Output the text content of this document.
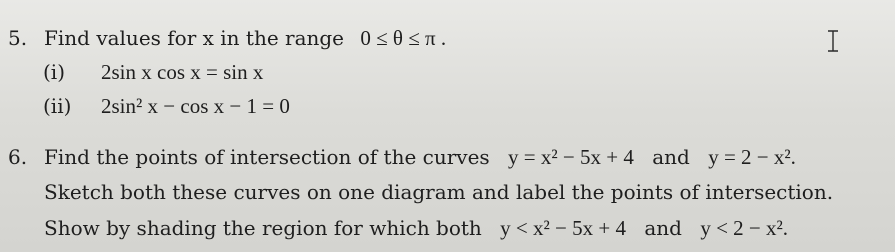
5. Find values for x in the range 0 ≤ θ ≤ π .
(i) 2sin x cos x = sin x
(ii) 2sin² x − cos x − 1 = 0
6. Find the points of intersection of the curves y = x² − 5x + 4 and y = 2 − x².
Sketch both these curves on one diagram and label the points of intersection.
Show by shading the region for which both y < x² − 5x + 4 and y < 2 − x².
